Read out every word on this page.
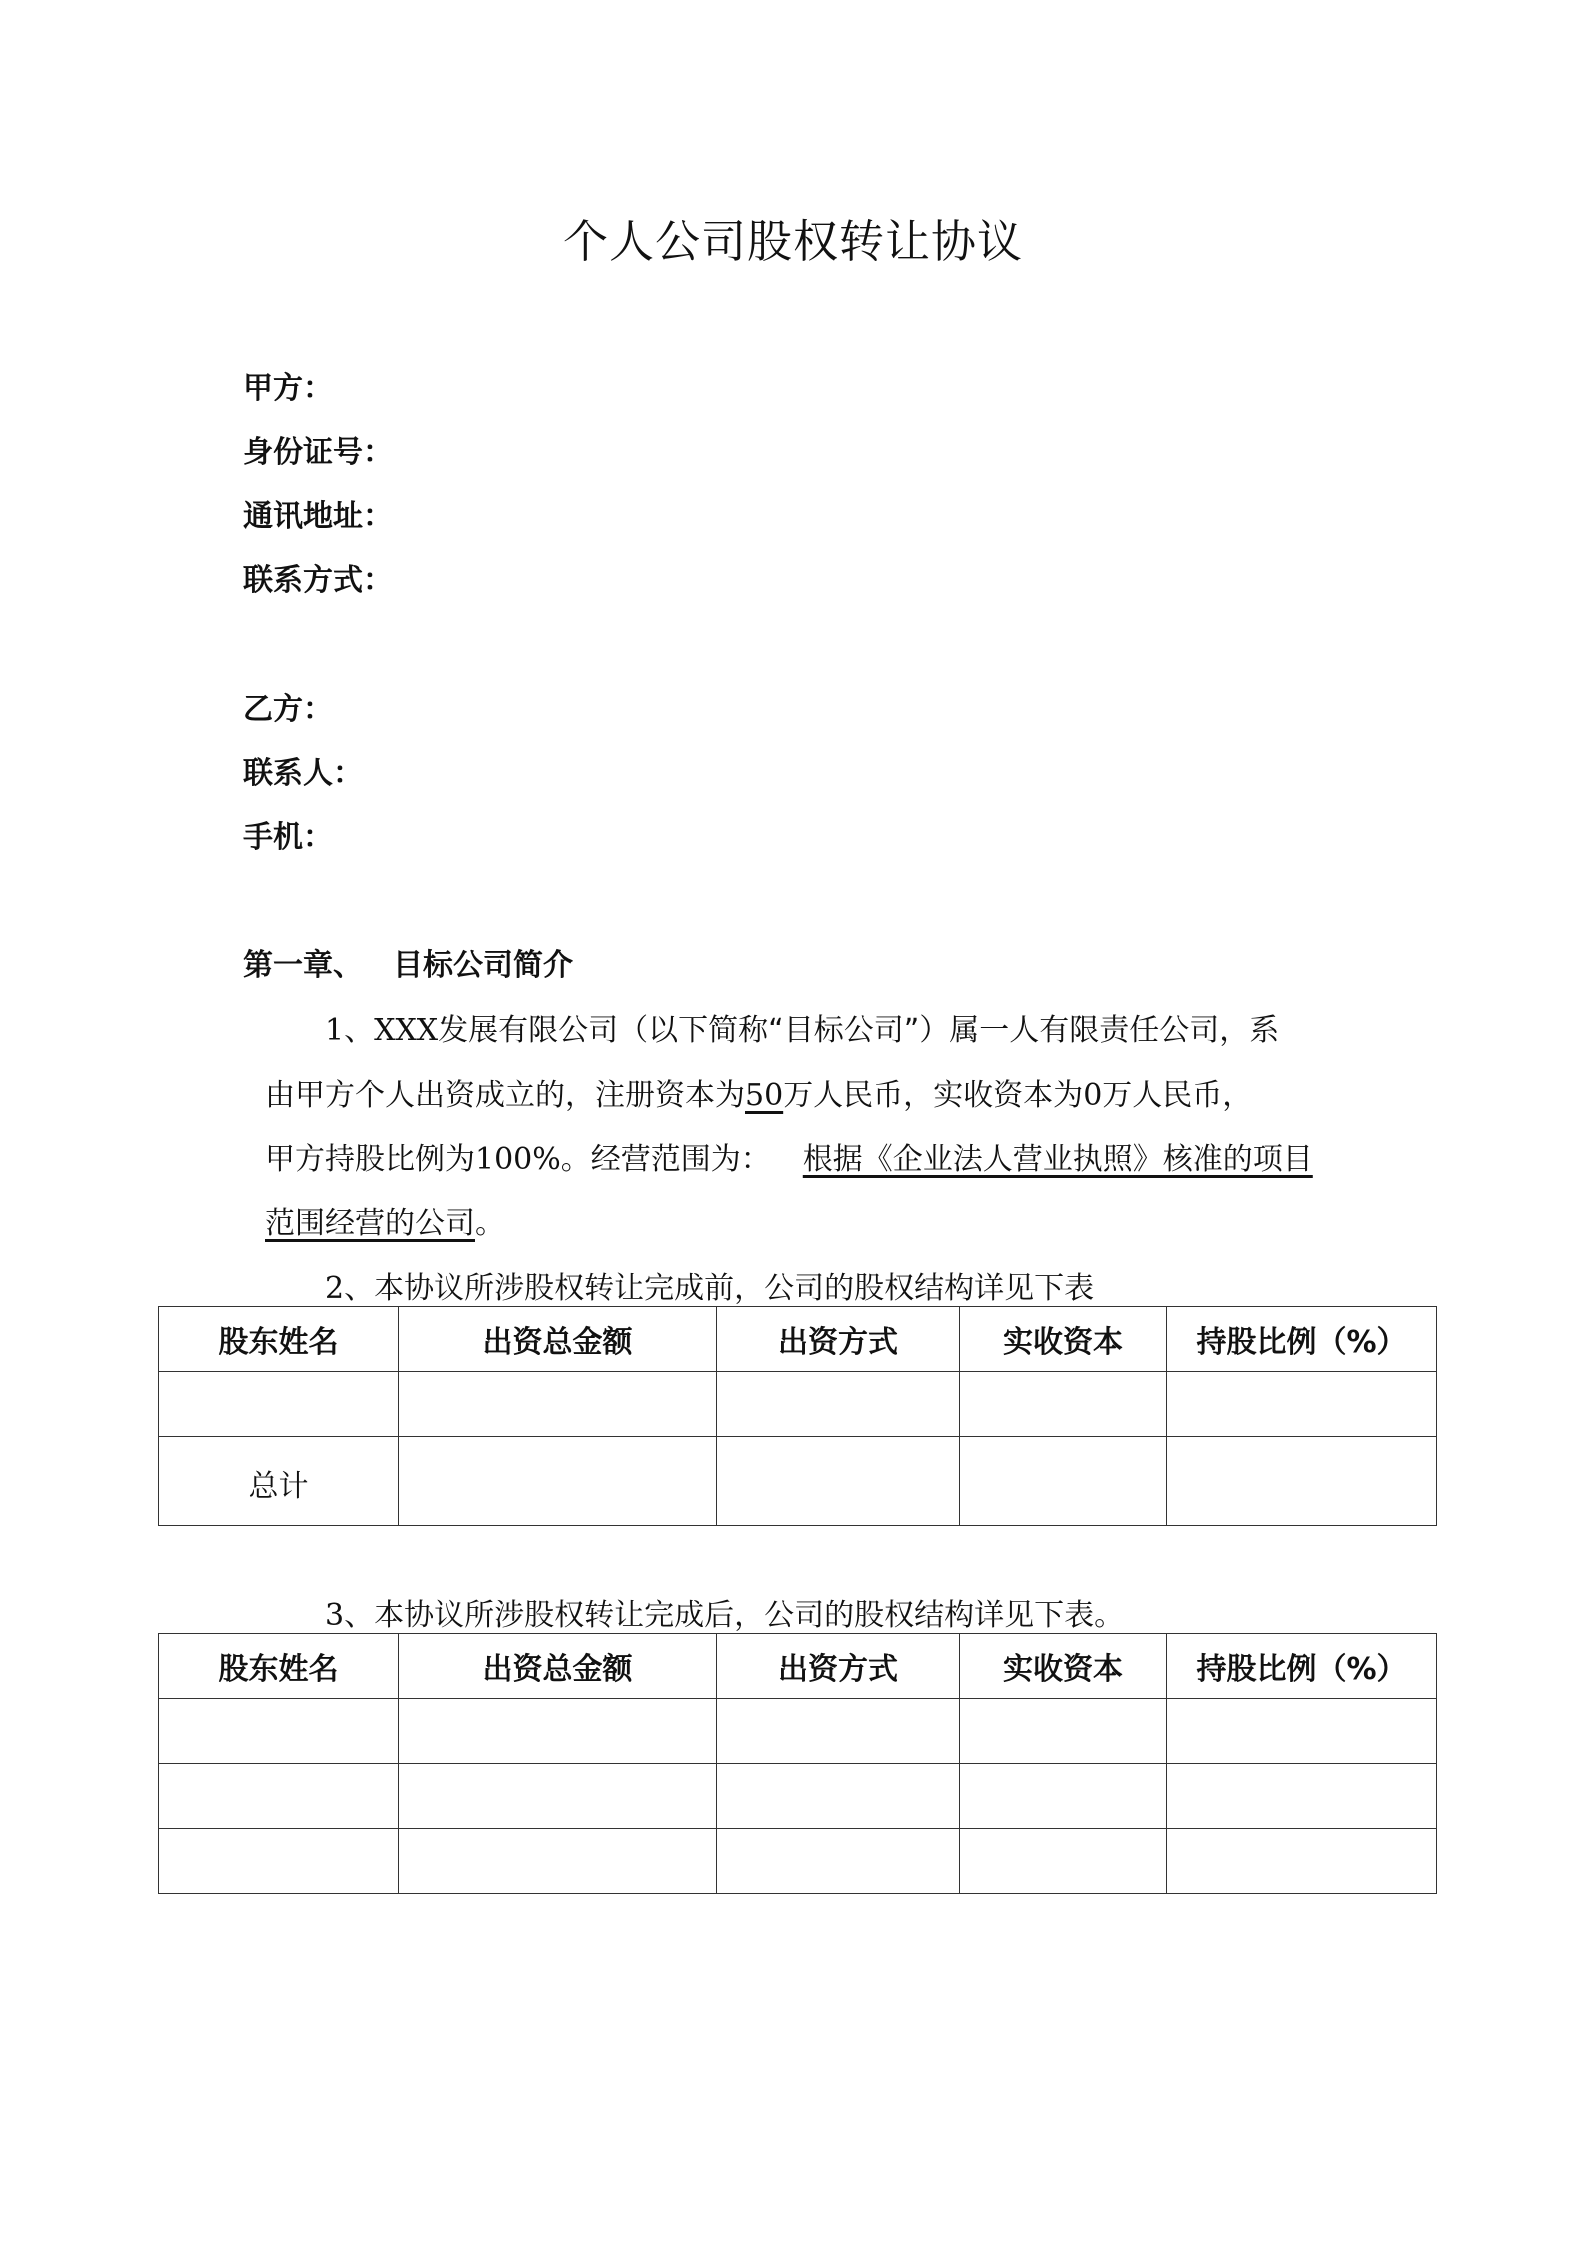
个人公司股权转让协议
甲方：
身份证号：
通讯地址：
联系方式：
乙方：
联系人：
手机：
第一章、 目标公司简介
1、XXX发展有限公司（以下简称“目标公司”）属一人有限责任公司，系
由甲方个人出资成立的，注册资本为50万人民币，实收资本为0万人民币，
甲方持股比例为100%。经营范围为： 根据《企业法人营业执照》核准的项目
范围经营的公司。
2、本协议所涉股权转让完成前，公司的股权结构详见下表
股东姓名	出资总金额	出资方式	实收资本	持股比例（%）

总计				
3、本协议所涉股权转让完成后，公司的股权结构详见下表。
股东姓名	出资总金额	出资方式	实收资本	持股比例（%）
